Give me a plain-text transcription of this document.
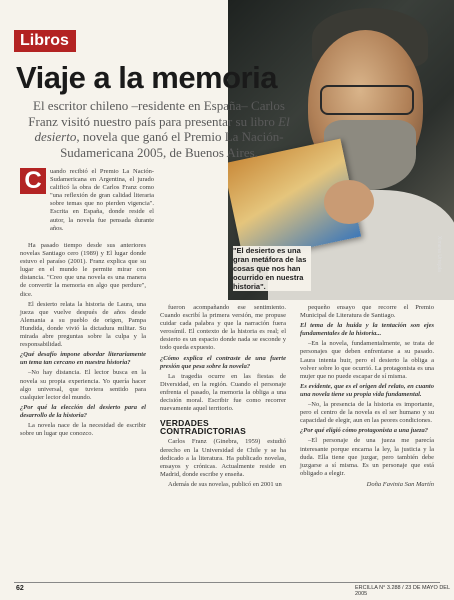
Ximena Urrejola
Libros
Viaje a la memoria
El escritor chileno –residente en España– Carlos Franz visitó nuestro país para presentar su libro El desierto, novela que ganó el Premio La Nación-Sudamericana 2005, de Buenos Aires.
"El desierto es una gran metáfora de las cosas que nos han ocurrido en nuestra historia".
C	uando recibió el Premio La Nación-Sudamericana en Argentina, el jurado calificó la obra de Carlos Franz como "una reflexión de gran calidad literaria sobre temas que no pierden vigencia". Escrita en España, donde reside el autor, la novela fue pensada durante años.

Ha pasado tiempo desde sus anteriores novelas Santiago cero (1989) y El lugar donde estuvo el paraíso (2001). Franz explica que su lugar en el mundo le permite mirar con distancia. "Creo que una novela es una manera de convertir la memoria en algo que perdure", dice.

El desierto relata la historia de Laura, una jueza que vuelve después de años desde Alemania a su pueblo de origen, Pampa Hundida, donde vivió la dictadura militar. Su mirada abre preguntas sobre la culpa y la responsabilidad.

¿Qué desafío impone abordar literariamente un tema tan cercano en nuestra historia?

–No hay distancia. El lector busca en la novela su propia experiencia. Yo quería hacer algo universal, que tuviera sentido para cualquier lector del mundo.

¿Por qué la elección del desierto para el desarrollo de la historia?

La novela nace de la necesidad de escribir sobre un lugar que conozco.

fueron acompañando ese sentimiento. Cuando escribí la primera versión, me propuse cuidar cada palabra y que la narración fuera verosímil. El contexto de la historia es real; el desierto es un espacio donde nada se esconde y todo queda expuesto.

¿Cómo explica el contraste de una fuerte presión que pesa sobre la novela?

La tragedia ocurre en las fiestas de Diversidad, en la región. Cuando el personaje enfrenta el pasado, la memoria la obliga a una decisión moral. Escribir fue como recorrer nuevamente aquel territorio.

VERDADES CONTRADICTORIAS

Carlos Franz (Ginebra, 1959) estudió derecho en la Universidad de Chile y se ha dedicado a la literatura. Ha publicado novelas, ensayos y crónicas. Actualmente reside en Madrid, donde escribe y enseña.

Además de sus novelas, publicó en 2001 un

pequeño ensayo que recorre el Premio Municipal de Literatura de Santiago.

El tema de la huida y la tentación son ejes fundamentales de la historia...

–En la novela, fundamentalmente, se trata de personajes que deben enfrentarse a su pasado. Laura intenta huir, pero el desierto la obliga a volver sobre lo que ocurrió. La protagonista es una mujer que no puede escapar de sí misma.

Es evidente, que es el origen del relato, en cuanto una novela tiene su propia vida fundamental.

–No, la presencia de la historia es importante, pero el centro de la novela es el ser humano y su capacidad de elegir, aun en las peores condiciones.

¿Por qué eligió cómo protagonista a una jueza?

–El personaje de una jueza me parecía interesante porque encarna la ley, la justicia y la duda. Ella tiene que juzgar, pero también debe juzgarse a sí misma. Es un personaje que está obligado a elegir.

Doña Favinia San Martín

62	ERCILLA N° 3.288 / 23 DE MAYO DEL 2005
